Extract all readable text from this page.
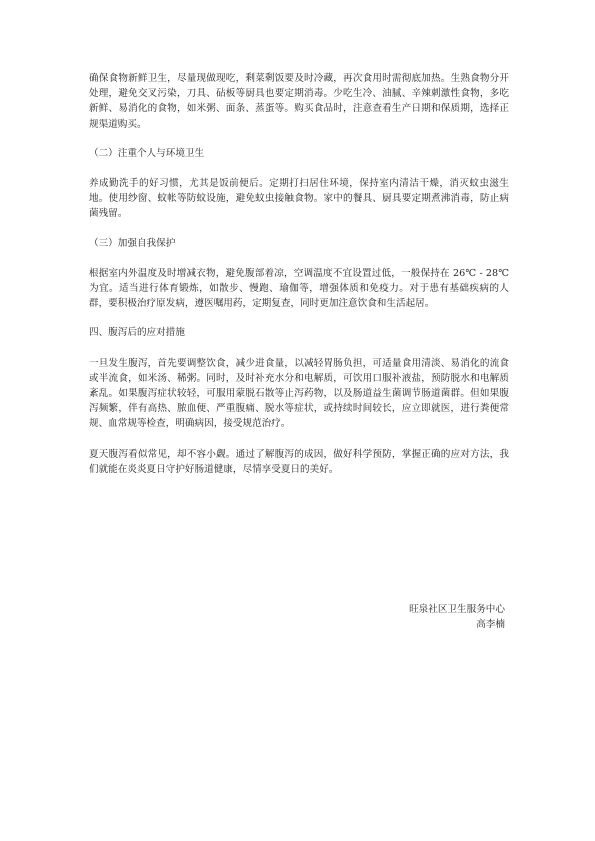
确保食物新鲜卫生，尽量现做现吃，剩菜剩饭要及时冷藏，再次食用时需彻底加热。生熟食物分开处理，避免交叉污染，刀具、砧板等厨具也要定期消毒。少吃生冷、油腻、辛辣刺激性食物，多吃新鲜、易消化的食物，如米粥、面条、蒸蛋等。购买食品时，注意查看生产日期和保质期，选择正规渠道购买。

（二）注重个人与环境卫生

养成勤洗手的好习惯，尤其是饭前便后。定期打扫居住环境，保持室内清洁干燥，消灭蚊虫滋生地。使用纱窗、蚊帐等防蚊设施，避免蚊虫接触食物。家中的餐具、厨具要定期煮沸消毒，防止病菌残留。

（三）加强自我保护

根据室内外温度及时增减衣物，避免腹部着凉，空调温度不宜设置过低，一般保持在 26℃ - 28℃为宜。适当进行体育锻炼，如散步、慢跑、瑜伽等，增强体质和免疫力。对于患有基础疾病的人群，要积极治疗原发病，遵医嘱用药，定期复查，同时更加注意饮食和生活起居。

四、腹泻后的应对措施

一旦发生腹泻，首先要调整饮食，减少进食量，以减轻胃肠负担，可适量食用清淡、易消化的流食或半流食，如米汤、稀粥。同时，及时补充水分和电解质，可饮用口服补液盐，预防脱水和电解质紊乱。如果腹泻症状较轻，可服用蒙脱石散等止泻药物，以及肠道益生菌调节肠道菌群。但如果腹泻频繁，伴有高热、脓血便、严重腹痛、脱水等症状，或持续时间较长，应立即就医，进行粪便常规、血常规等检查，明确病因，接受规范治疗。

夏天腹泻看似常见，却不容小觑。通过了解腹泻的成因，做好科学预防，掌握正确的应对方法，我们就能在炎炎夏日守护好肠道健康，尽情享受夏日的美好。

旺泉社区卫生服务中心
高李楠
